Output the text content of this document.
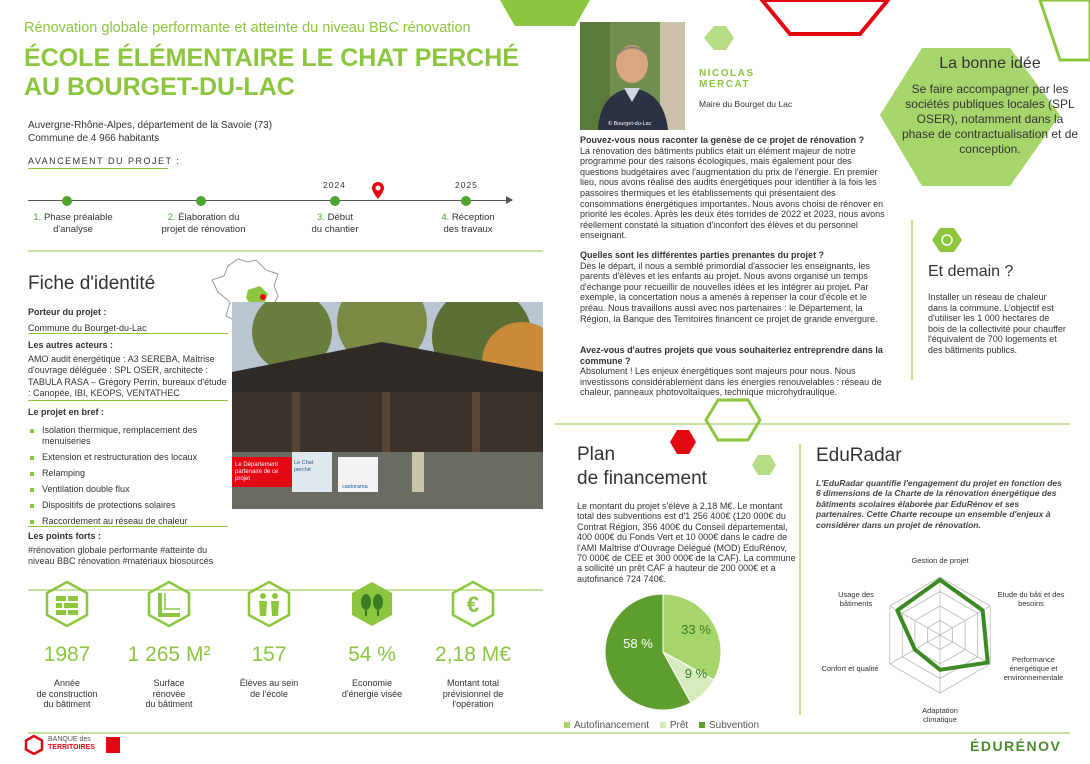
Rénovation globale performante et atteinte du niveau BBC rénovation
ÉCOLE ÉLÉMENTAIRE LE CHAT PERCHÉ
AU BOURGET-DU-LAC
Auvergne-Rhône-Alpes, département de la Savoie (73)
Commune de 4 966 habitants
AVANCEMENT DU PROJET :
2024	2025
1. Phase préalable
d'analyse
2. Élaboration du
projet de rénovation
3. Début
du chantier
4. Réception
des travaux
Fiche d'identité
Porteur du projet :
Commune du Bourget-du-Lac
Les autres acteurs :
AMO audit énergétique : A3 SEREBA, Maîtrise d'ouvrage déléguée : SPL OSER, architecte : TABULA RASA – Grégory Perrin, bureaux d'étude : Canopée, IBI, KEOPS, VENTATHEC
Le projet en bref :
Isolation thermique, remplacement des menuiseries
Extension et restructuration des locaux
Relamping
Ventilation double flux
Dispositifs de protections solaires
Raccordement au réseau de chaleur
Les points forts :
#rénovation globale performante #atteinte du niveau BBC rénovation #matériaux biosourcés
Le Département
partenaire de ce projet
Le Chat perché
castorama
€
1987	1 265 M²	157	54 %	2,18 M€
Année
de construction
du bâtiment
Surface
rénovée
du bâtiment
Élèves au sein
de l'école
Economie
d'énergie visée
Montant total
prévisionnel de
l'opération
© Bourget-du-Lac
NICOLAS
MERCAT
Maire du Bourget du Lac
Pouvez-vous nous raconter la genèse de ce projet de rénovation ?
La rénovation des bâtiments publics était un élément majeur de notre programme pour des raisons écologiques, mais également pour des questions budgétaires avec l'augmentation du prix de l'énergie. En premier lieu, nous avons réalisé des audits énergétiques pour identifier à la fois les passoires thermiques et les établissements qui présentaient des consommations énergétiques importantes. Nous avons choisi de rénover en priorité les écoles. Après les deux étés torrides de 2022 et 2023, nous avons réellement constaté la situation d'inconfort des élèves et du personnel enseignant.
Quelles sont les différentes parties prenantes du projet ?
Dès le départ, il nous a semblé primordial d'associer les enseignants, les parents d'élèves et les enfants au projet. Nous avons organisé un temps d'échange pour recueillir de nouvelles idées et les intégrer au projet. Par exemple, la concertation nous a amenés à repenser la cour d'école et le préau. Nous travaillons aussi avec nos partenaires : le Département, la Région, la Banque des Territoires financent ce projet de grande envergure.
Avez-vous d'autres projets que vous souhaiteriez entreprendre dans la commune ?
Absolument ! Les enjeux énergétiques sont majeurs pour nous. Nous investissons considérablement dans les énergies renouvelables : réseau de chaleur, panneaux photovoltaïques, technique microhydraulique.
La bonne idée
Se faire accompagner par les sociétés publiques locales (SPL OSER), notamment dans la phase de contractualisation et de conception.
Et demain ?
Installer un réseau de chaleur dans la commune. L'objectif est d'utiliser les 1 000 hectares de bois de la collectivité pour chauffer l'équivalent de 700 logements et des bâtiments publics.
Plan
de financement
Le montant du projet s'élève à 2,18 M€. Le montant total des subventions est d'1 256 400€ (120 000€ du Contrat Région, 356 400€ du Conseil départemental, 400 000€ du Fonds Vert et 10 000€ dans le cadre de l'AMI Maîtrise d'Ouvrage Délégué (MOD) EduRénov, 70 000€ de CEE et 300 000€ de la CAF). La commune a sollicité un prêt CAF à hauteur de 200 000€ et a autofinancé 724 740€.
33 %
9 %
58 %
Autofinancement Prêt Subvention
EduRadar
L'EduRadar quantifie l'engagement du projet en fonction des 6 dimensions de la Charte de la rénovation énergétique des bâtiments scolaires élaborée par EduRénov et ses partenaires. Cette Charte recoupe un ensemble d'enjeux à considérer dans un projet de rénovation.
Gestion de projet
Etude du bâti et des besoins
Performance énergétique et environnementale
Adaptation climatique
Confort et qualité
Usage des bâtiments
BANQUE des
TERRITOIRES	ÉDURÉNOV
